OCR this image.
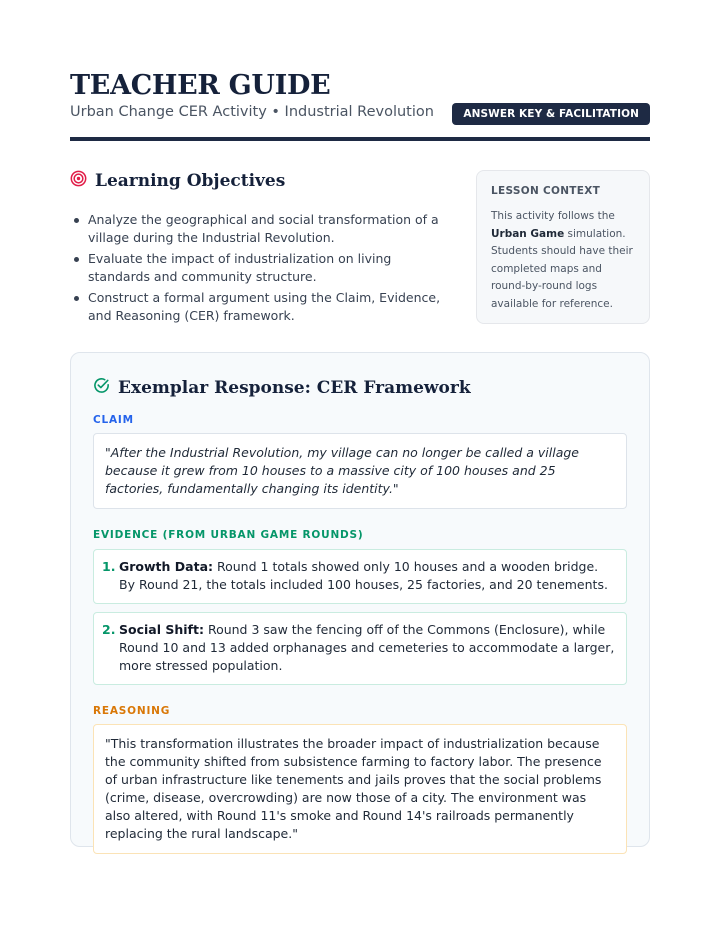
TEACHER GUIDE
Urban Change CER Activity • Industrial Revolution	ANSWER KEY & FACILITATION
Learning Objectives
Analyze the geographical and social transformation of a village during the Industrial Revolution.
Evaluate the impact of industrialization on living standards and community structure.
Construct a formal argument using the Claim, Evidence, and Reasoning (CER) framework.
LESSON CONTEXT

This activity follows the Urban Game simulation. Students should have their completed maps and round-by-round logs available for reference.

Exemplar Response: CER Framework
CLAIM
"After the Industrial Revolution, my village can no longer be called a village because it grew from 10 houses to a massive city of 100 houses and 25 factories, fundamentally changing its identity."
EVIDENCE (FROM URBAN GAME ROUNDS)
1. Growth Data: Round 1 totals showed only 10 houses and a wooden bridge. By Round 21, the totals included 100 houses, 25 factories, and 20 tenements.
2. Social Shift: Round 3 saw the fencing off of the Commons (Enclosure), while Round 10 and 13 added orphanages and cemeteries to accommodate a larger, more stressed population.
REASONING
"This transformation illustrates the broader impact of industrialization because the community shifted from subsistence farming to factory labor. The presence of urban infrastructure like tenements and jails proves that the social problems (crime, disease, overcrowding) are now those of a city. The environment was also altered, with Round 11's smoke and Round 14's railroads permanently replacing the rural landscape."
